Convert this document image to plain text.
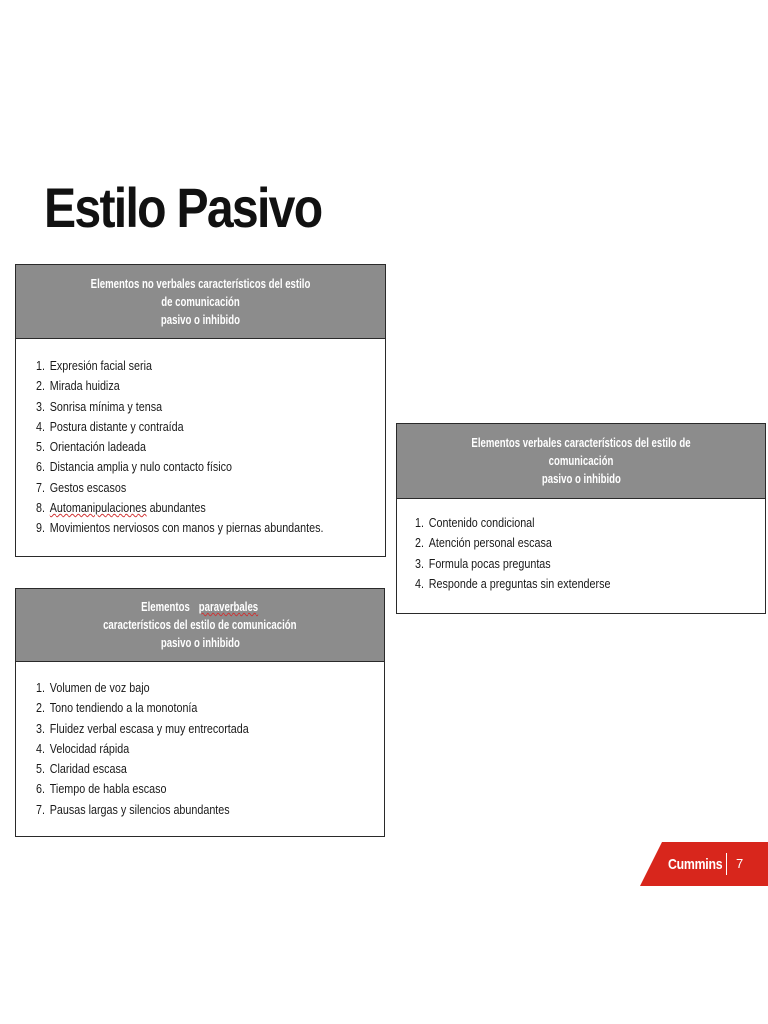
Estilo Pasivo
Elementos no verbales característicos del estilo de comunicación
pasivo o inhibido
1. Expresión facial seria
2. Mirada huidiza
3. Sonrisa mínima y tensa
4. Postura distante y contraída
5. Orientación ladeada
6. Distancia amplia y nulo contacto físico
7. Gestos escasos
8. Automanipulaciones abundantes
9. Movimientos nerviosos con manos y piernas abundantes.
Elementosparaverbalescaracterísticos del estilo de comunicación
pasivo o inhibido
1. Volumen de voz bajo
2. Tono tendiendo a la monotonía
3. Fluidez verbal escasa y muy entrecortada
4. Velocidad rápida
5. Claridad escasa
6. Tiempo de habla escaso
7. Pausas largas y silencios abundantes
Elementos verbales característicos del estilo de comunicación
pasivo o inhibido
1. Contenido condicional
2. Atención personal escasa
3. Formula pocas preguntas
4. Responde a preguntas sin extenderse
Cummins 7
